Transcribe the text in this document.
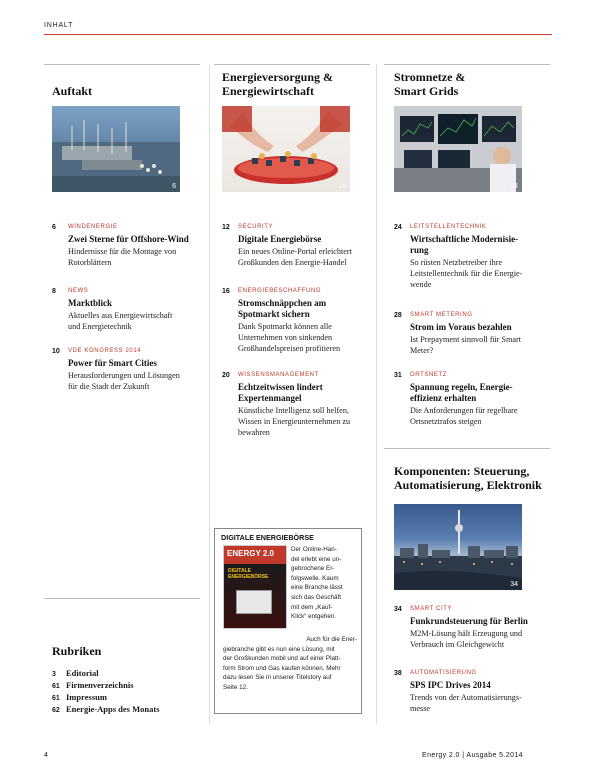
INHALT
Auftakt
6
6 WINDENERGIE
Zwei Sterne für Offshore-Wind
Hindernisse für die Montage von
Rotorblättern
8 NEWS
Marktblick
Aktuelles aus Energiewirtschaft
und Energietechnik
10 VDE KONGRESS 2014
Power für Smart Cities
Herausforderungen und Lösungen
für die Stadt der Zukunft
Rubriken
3 Editorial
61 Firmenverzeichnis
61 Impressum
62 Energie-Apps des Monats
Energieversorgung &
Energiewirtschaft
16
12 SECURITY
Digitale Energiebörse
Ein neues Online-Portal erleichtert
Großkunden den Energie-Handel
16 ENERGIEBESCHAFFUNG
Stromschnäppchen am
Spotmarkt sichern
Dank Spotmarkt können alle
Unternehmen von sinkenden
Großhandelspreisen profitieren
20 WISSENSMANAGEMENT
Echtzeitwissen lindert
Expertenmangel
Künstliche Intelligenz soll helfen,
Wissen in Energieunternehmen zu
bewahren
DIGITALE ENERGIEBÖRSE
ENERGY 2.0
DIGITALE ENERGIEBÖRSE
Der Online-Han-
del erlebt eine un-
gebrochene Er-
folgswelle. Kaum
eine Branche lässt
sich das Geschäft
mit dem „Kauf-
Klick“ entgehen.
Auch für die Ener-
giebranche gibt es nun eine Lösung, mit
der Großkunden mobil und auf einer Platt-
form Strom und Gas kaufen können. Mehr
dazu lesen Sie in unserer Titelstory auf
Seite 12.
Stromnetze &
Smart Grids
24
24 LEITSTELLENTECHNIK
Wirtschaftliche Modernisie-
rung
So rüsten Netzbetreiber ihre
Leitstellentechnik für die Energie-
wende
28 SMART METERING
Strom im Voraus bezahlen
Ist Prepayment sinnvoll für Smart
Meter?
31 ORTSNETZ
Spannung regeln, Energie-
effizienz erhalten
Die Anforderungen für regelbare
Ortsnetztrafos steigen
Komponenten: Steuerung,
Automatisierung, Elektronik
34
34 SMART CITY
Funkrundsteuerung für Berlin
M2M-Lösung hält Erzeugung und
Verbrauch im Gleichgewicht
38 AUTOMATISIERUNG
SPS IPC Drives 2014
Trends von der Automatisierungs-
messe
4	Energy 2.0 | Ausgabe 5.2014
